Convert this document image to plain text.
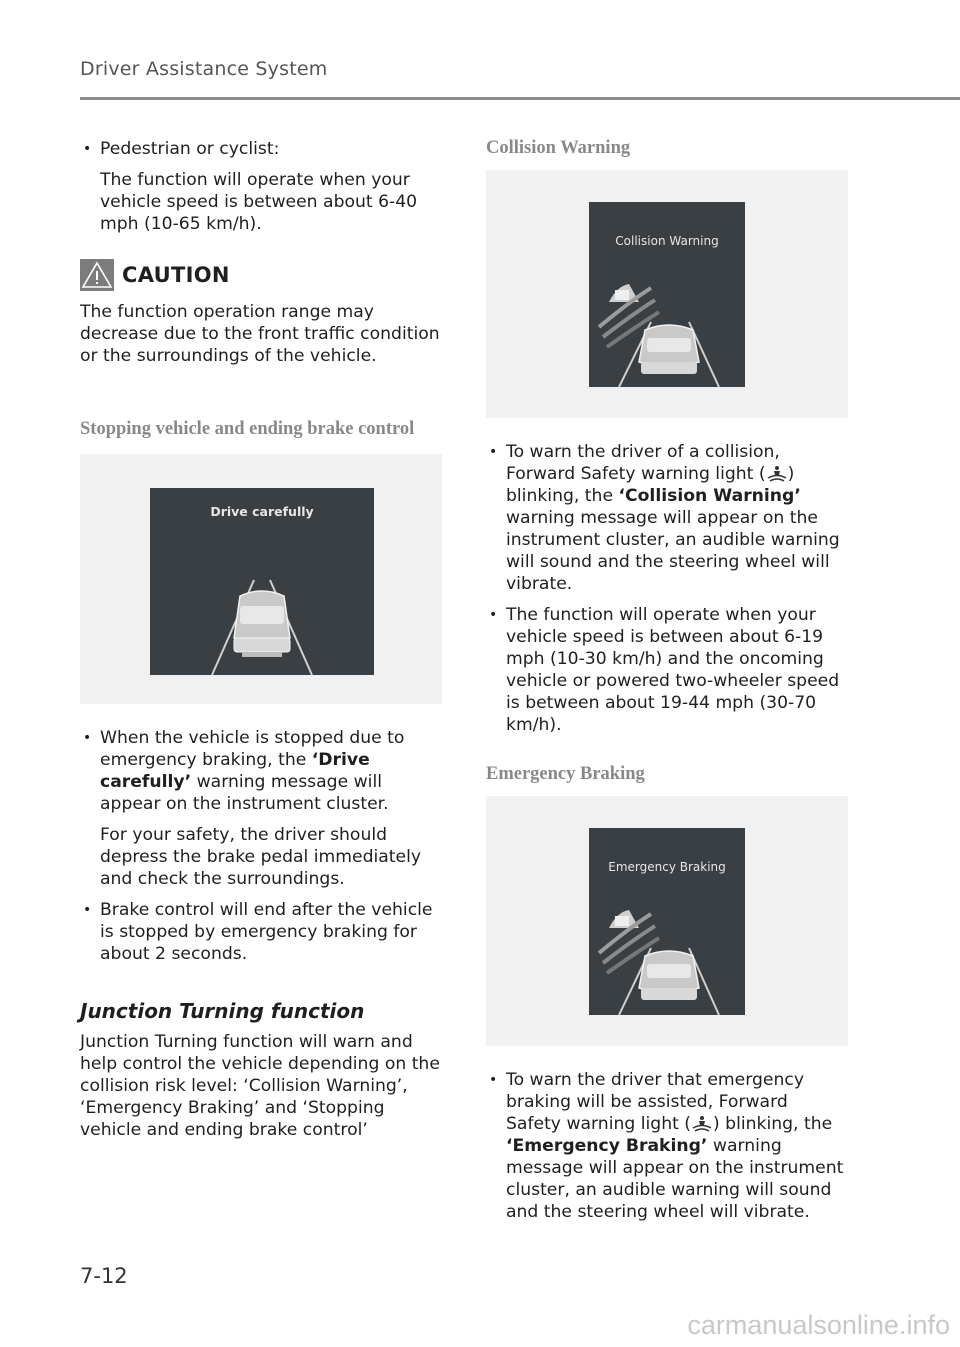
Driver Assistance System
• Pedestrian or cyclist:

The function will operate when your vehicle speed is between about 6-40 mph (10-65 km/h).

CAUTION

The function operation range may decrease due to the front traffic condition or the surroundings of the vehicle.

Stopping vehicle and ending brake control
Drive carefully
• When the vehicle is stopped due to emergency braking, the ‘Drive carefully’ warning message will appear on the instrument cluster.

For your safety, the driver should depress the brake pedal immediately and check the surroundings.

• Brake control will end after the vehicle is stopped by emergency braking for about 2 seconds.
Junction Turning function

Junction Turning function will warn and help control the vehicle depending on the collision risk level: ‘Collision Warning’, ‘Emergency Braking’ and ‘Stopping vehicle and ending brake control’

Collision Warning
Collision Warning
• To warn the driver of a collision, Forward Safety warning light ( ) blinking, the ‘Collision Warning’ warning message will appear on the instrument cluster, an audible warning will sound and the steering wheel will vibrate.
• The function will operate when your vehicle speed is between about 6-19 mph (10-30 km/h) and the oncoming vehicle or powered two-wheeler speed is between about 19-44 mph (30-70 km/h).
Emergency Braking
Emergency Braking
• To warn the driver that emergency braking will be assisted, Forward Safety warning light ( ) blinking, the ‘Emergency Braking’ warning message will appear on the instrument cluster, an audible warning will sound and the steering wheel will vibrate.
7-12
carmanualsonline.info
